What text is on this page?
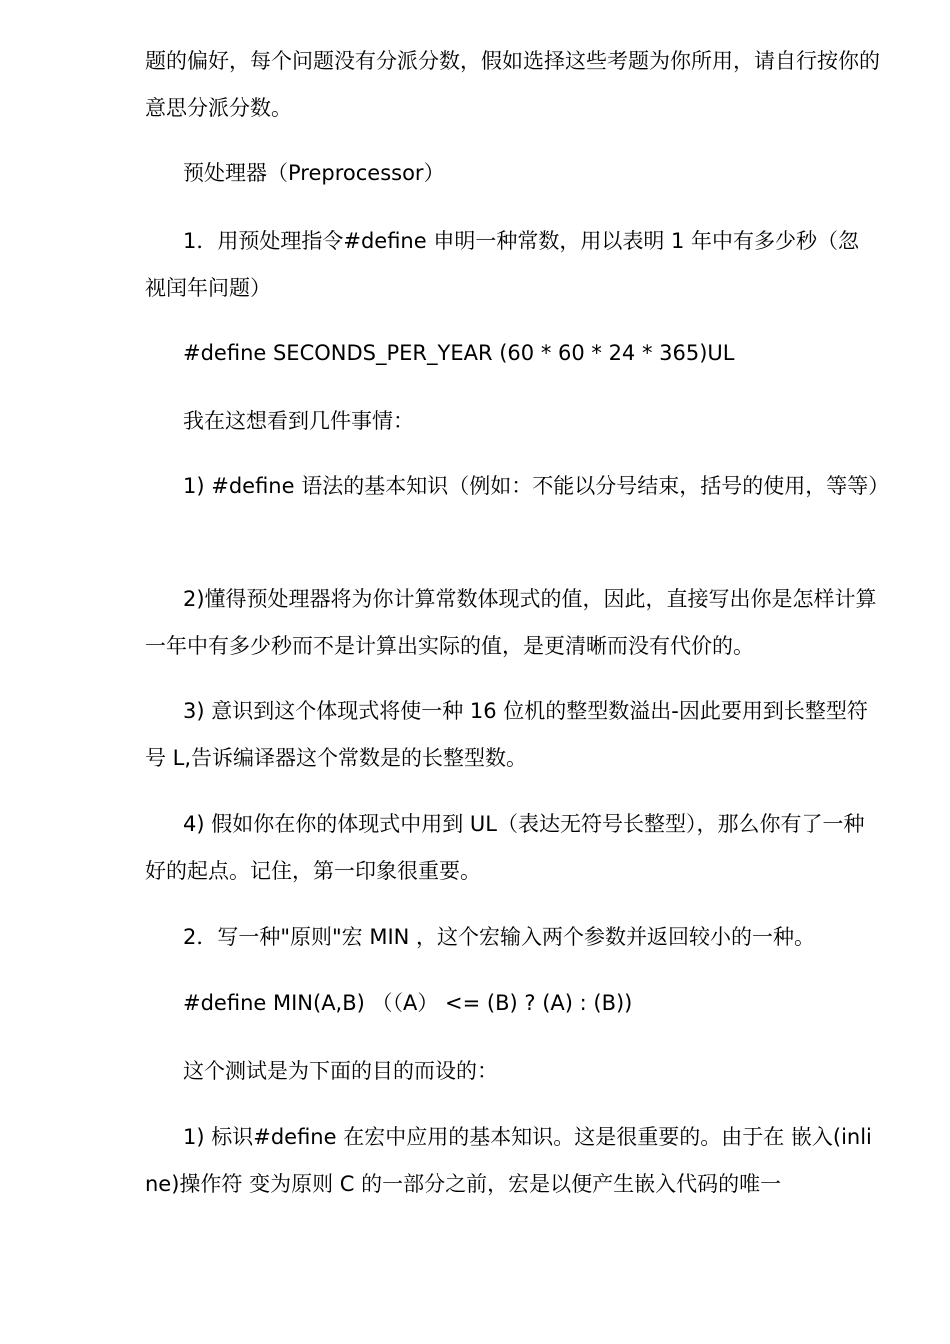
题的偏好，每个问题没有分派分数，假如选择这些考题为你所用，请自行按你的意思分派分数。

预处理器（Preprocessor）

1．用预处理指令#define 申明一种常数，用以表明 1 年中有多少秒（忽视闰年问题）

#define SECONDS_PER_YEAR (60 * 60 * 24 * 365)UL

我在这想看到几件事情：

1) #define 语法的基本知识（例如：不能以分号结束，括号的使用，等等）

2)懂得预处理器将为你计算常数体现式的值，因此，直接写出你是怎样计算一年中有多少秒而不是计算出实际的值，是更清晰而没有代价的。

3) 意识到这个体现式将使一种 16 位机的整型数溢出-因此要用到长整型符号 L,告诉编译器这个常数是的长整型数。

4) 假如你在你的体现式中用到 UL（表达无符号长整型），那么你有了一种好的起点。记住，第一印象很重要。

2．写一种"原则"宏 MIN ，这个宏输入两个参数并返回较小的一种。

#define MIN(A,B) （（A） <= (B) ? (A) : (B))

这个测试是为下面的目的而设的：

1) 标识#define 在宏中应用的基本知识。这是很重要的。由于在 嵌入(inline)操作符 变为原则 C 的一部分之前，宏是以便产生嵌入代码的唯一
